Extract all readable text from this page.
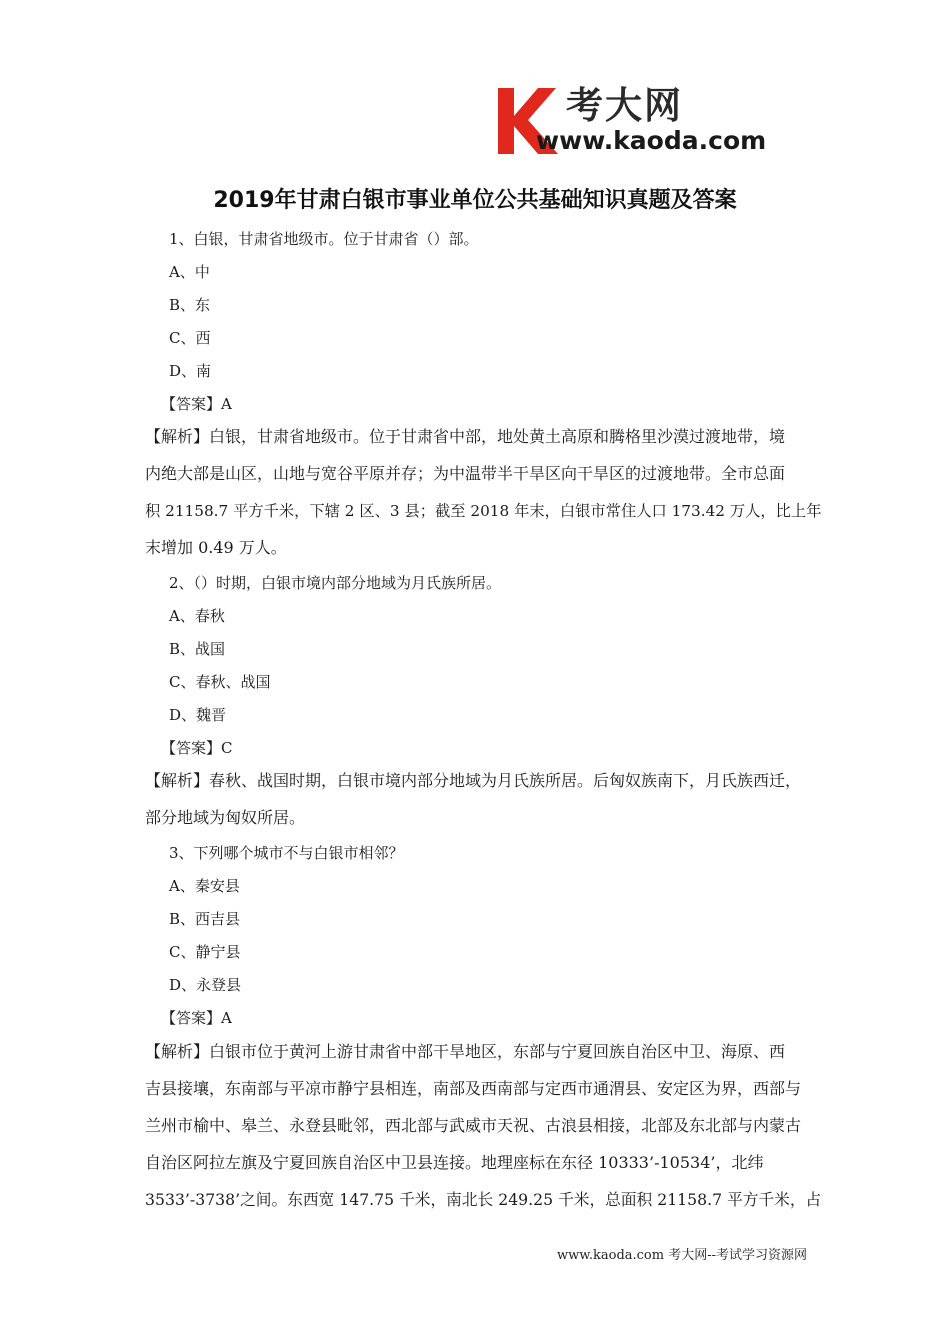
考大网
www.kaoda.com
2019年甘肃白银市事业单位公共基础知识真题及答案
1、白银，甘肃省地级市。位于甘肃省（）部。
A、中
B、东
C、西
D、南
【答案】A
【解析】白银，甘肃省地级市。位于甘肃省中部，地处黄土高原和腾格里沙漠过渡地带，境
内绝大部是山区，山地与宽谷平原并存；为中温带半干旱区向干旱区的过渡地带。全市总面
积 21158.7 平方千米，下辖 2 区、3 县；截至 2018 年末，白银市常住人口 173.42 万人，比上年
末增加 0.49 万人。
2、（）时期，白银市境内部分地域为月氏族所居。
A、春秋
B、战国
C、春秋、战国
D、魏晋
【答案】C
【解析】春秋、战国时期，白银市境内部分地域为月氏族所居。后匈奴族南下，月氏族西迁，
部分地域为匈奴所居。
3、下列哪个城市不与白银市相邻？
A、秦安县
B、西吉县
C、静宁县
D、永登县
【答案】A
【解析】白银市位于黄河上游甘肃省中部干旱地区，东部与宁夏回族自治区中卫、海原、西
吉县接壤，东南部与平凉市静宁县相连，南部及西南部与定西市通渭县、安定区为界，西部与
兰州市榆中、皋兰、永登县毗邻，西北部与武威市天祝、古浪县相接，北部及东北部与内蒙古
自治区阿拉左旗及宁夏回族自治区中卫县连接。地理座标在东径 10333’-10534’，北纬
3533’-3738’之间。东西宽 147.75 千米，南北长 249.25 千米，总面积 21158.7 平方千米，占
www.kaoda.com 考大网--考试学习资源网
